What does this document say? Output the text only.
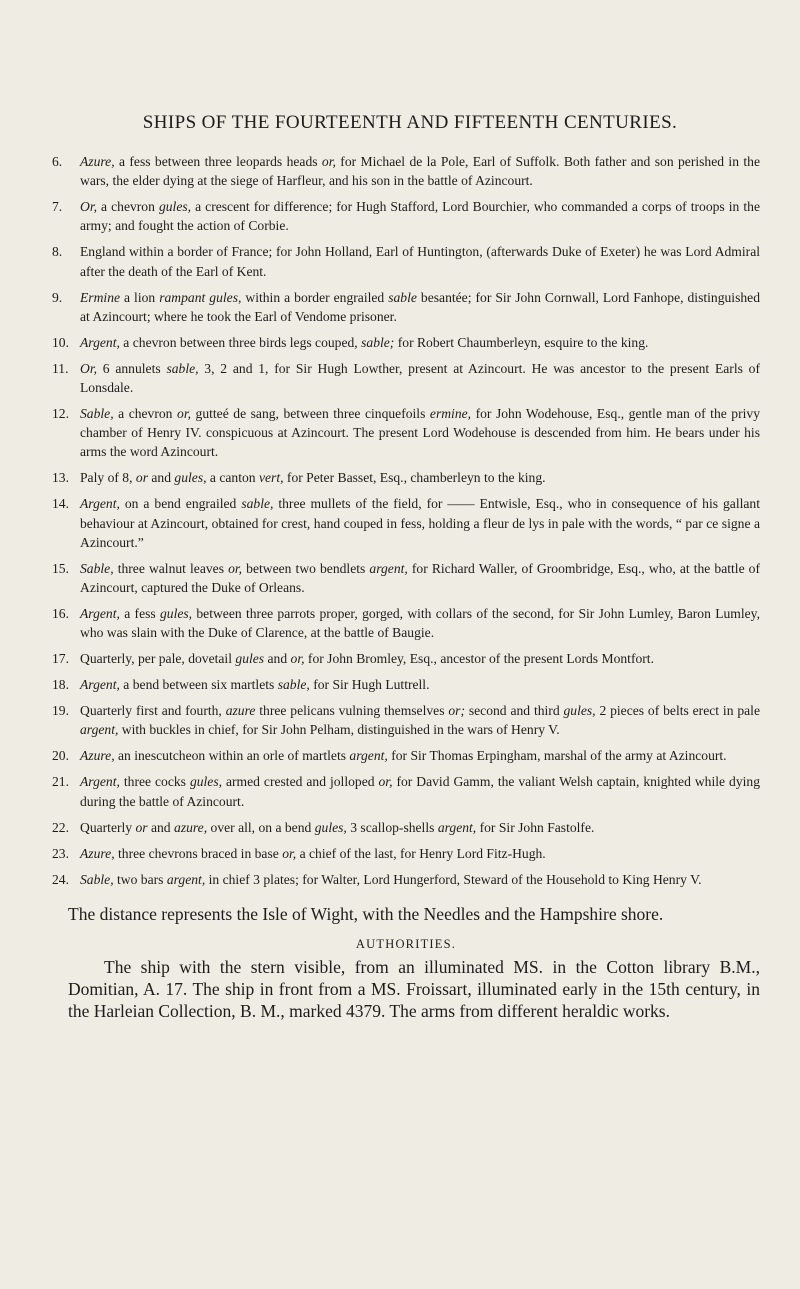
SHIPS OF THE FOURTEENTH AND FIFTEENTH CENTURIES.
6.	Azure, a fess between three leopards heads or, for Michael de la Pole, Earl of Suffolk. Both father and son perished in the wars, the elder dying at the siege of Harfleur, and his son in the battle of Azincourt.
7.	Or, a chevron gules, a crescent for difference; for Hugh Stafford, Lord Bourchier, who commanded a corps of troops in the army; and fought the action of Corbie.
8.	England within a border of France; for John Holland, Earl of Huntington, (afterwards Duke of Exeter) he was Lord Admiral after the death of the Earl of Kent.
9.	Ermine a lion rampant gules, within a border engrailed sable besantée; for Sir John Cornwall, Lord Fanhope, distinguished at Azincourt; where he took the Earl of Vendome prisoner.
10. Argent, a chevron between three birds legs couped, sable; for Robert Chaumberleyn, esquire to the king.
11. Or, 6 annulets sable, 3, 2 and 1, for Sir Hugh Lowther, present at Azincourt. He was ancestor to the present Earls of Lonsdale.
12. Sable, a chevron or, gutteé de sang, between three cinquefoils ermine, for John Wodehouse, Esq., gentle man of the privy chamber of Henry IV. conspicuous at Azincourt. The present Lord Wodehouse is descended from him. He bears under his arms the word Azincourt.
13. Paly of 8, or and gules, a canton vert, for Peter Basset, Esq., chamberleyn to the king.
14. Argent, on a bend engrailed sable, three mullets of the field, for —— Entwisle, Esq., who in consequence of his gallant behaviour at Azincourt, obtained for crest, hand couped in fess, holding a fleur de lys in pale with the words, “ par ce signe a Azincourt.”
15. Sable, three walnut leaves or, between two bendlets argent, for Richard Waller, of Groombridge, Esq., who, at the battle of Azincourt, captured the Duke of Orleans.
16. Argent, a fess gules, between three parrots proper, gorged, with collars of the second, for Sir John Lumley, Baron Lumley, who was slain with the Duke of Clarence, at the battle of Baugie.
17. Quarterly, per pale, dovetail gules and or, for John Bromley, Esq., ancestor of the present Lords Montfort.
18. Argent, a bend between six martlets sable, for Sir Hugh Luttrell.
19. Quarterly first and fourth, azure three pelicans vulning themselves or; second and third gules, 2 pieces of belts erect in pale argent, with buckles in chief, for Sir John Pelham, distinguished in the wars of Henry V.
20. Azure, an inescutcheon within an orle of martlets argent, for Sir Thomas Erpingham, marshal of the army at Azincourt.
21. Argent, three cocks gules, armed crested and jolloped or, for David Gamm, the valiant Welsh captain, knighted while dying during the battle of Azincourt.
22. Quarterly or and azure, over all, on a bend gules, 3 scallop-shells argent, for Sir John Fastolfe.
23. Azure, three chevrons braced in base or, a chief of the last, for Henry Lord Fitz-Hugh.
24. Sable, two bars argent, in chief 3 plates; for Walter, Lord Hungerford, Steward of the Household to King Henry V.

The distance represents the Isle of Wight, with the Needles and the Hampshire shore.

AUTHORITIES.

The ship with the stern visible, from an illuminated MS. in the Cotton library B.M., Domitian, A. 17. The ship in front from a MS. Froissart, illuminated early in the 15th century, in the Harleian Collection, B. M., marked 4379. The arms from different heraldic works.
